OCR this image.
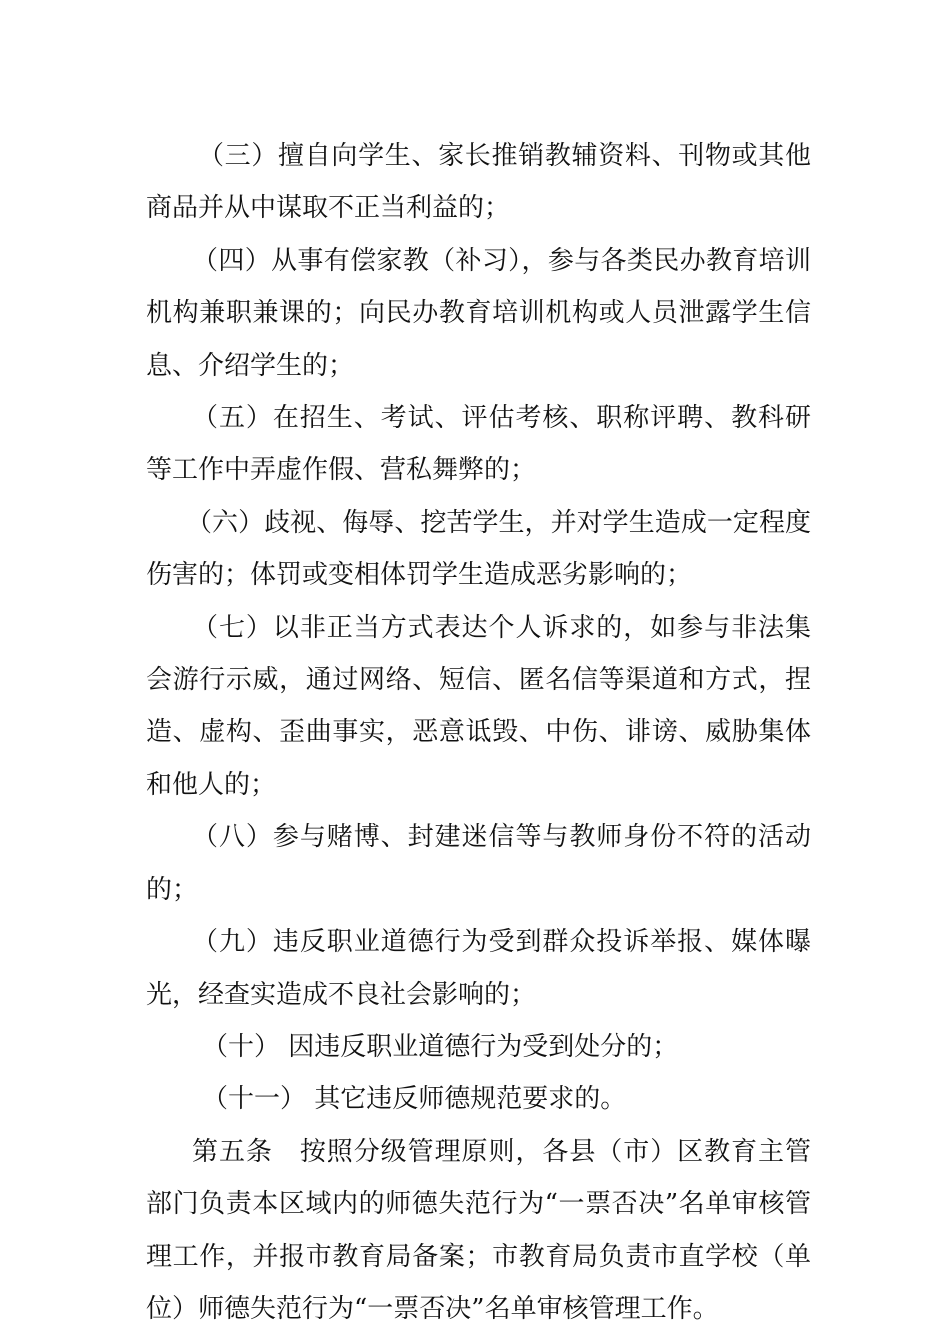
（三）擅自向学生、家长推销教辅资料、刊物或其他商品并从中谋取不正当利益的；

（四）从事有偿家教（补习），参与各类民办教育培训机构兼职兼课的；向民办教育培训机构或人员泄露学生信息、介绍学生的；

（五）在招生、考试、评估考核、职称评聘、教科研等工作中弄虚作假、营私舞弊的；

（六）歧视、侮辱、挖苦学生，并对学生造成一定程度伤害的；体罚或变相体罚学生造成恶劣影响的；

（七）以非正当方式表达个人诉求的，如参与非法集会游行示威，通过网络、短信、匿名信等渠道和方式，捏造、虚构、歪曲事实，恶意诋毁、中伤、诽谤、威胁集体和他人的；

（八）参与赌博、封建迷信等与教师身份不符的活动的；

（九）违反职业道德行为受到群众投诉举报、媒体曝光，经查实造成不良社会影响的；

（十） 因违反职业道德行为受到处分的；

（十一） 其它违反师德规范要求的。

第五条　按照分级管理原则，各县（市）区教育主管部门负责本区域内的师德失范行为“一票否决”名单审核管理工作，并报市教育局备案；市教育局负责市直学校（单位）师德失范行为“一票否决”名单审核管理工作。
